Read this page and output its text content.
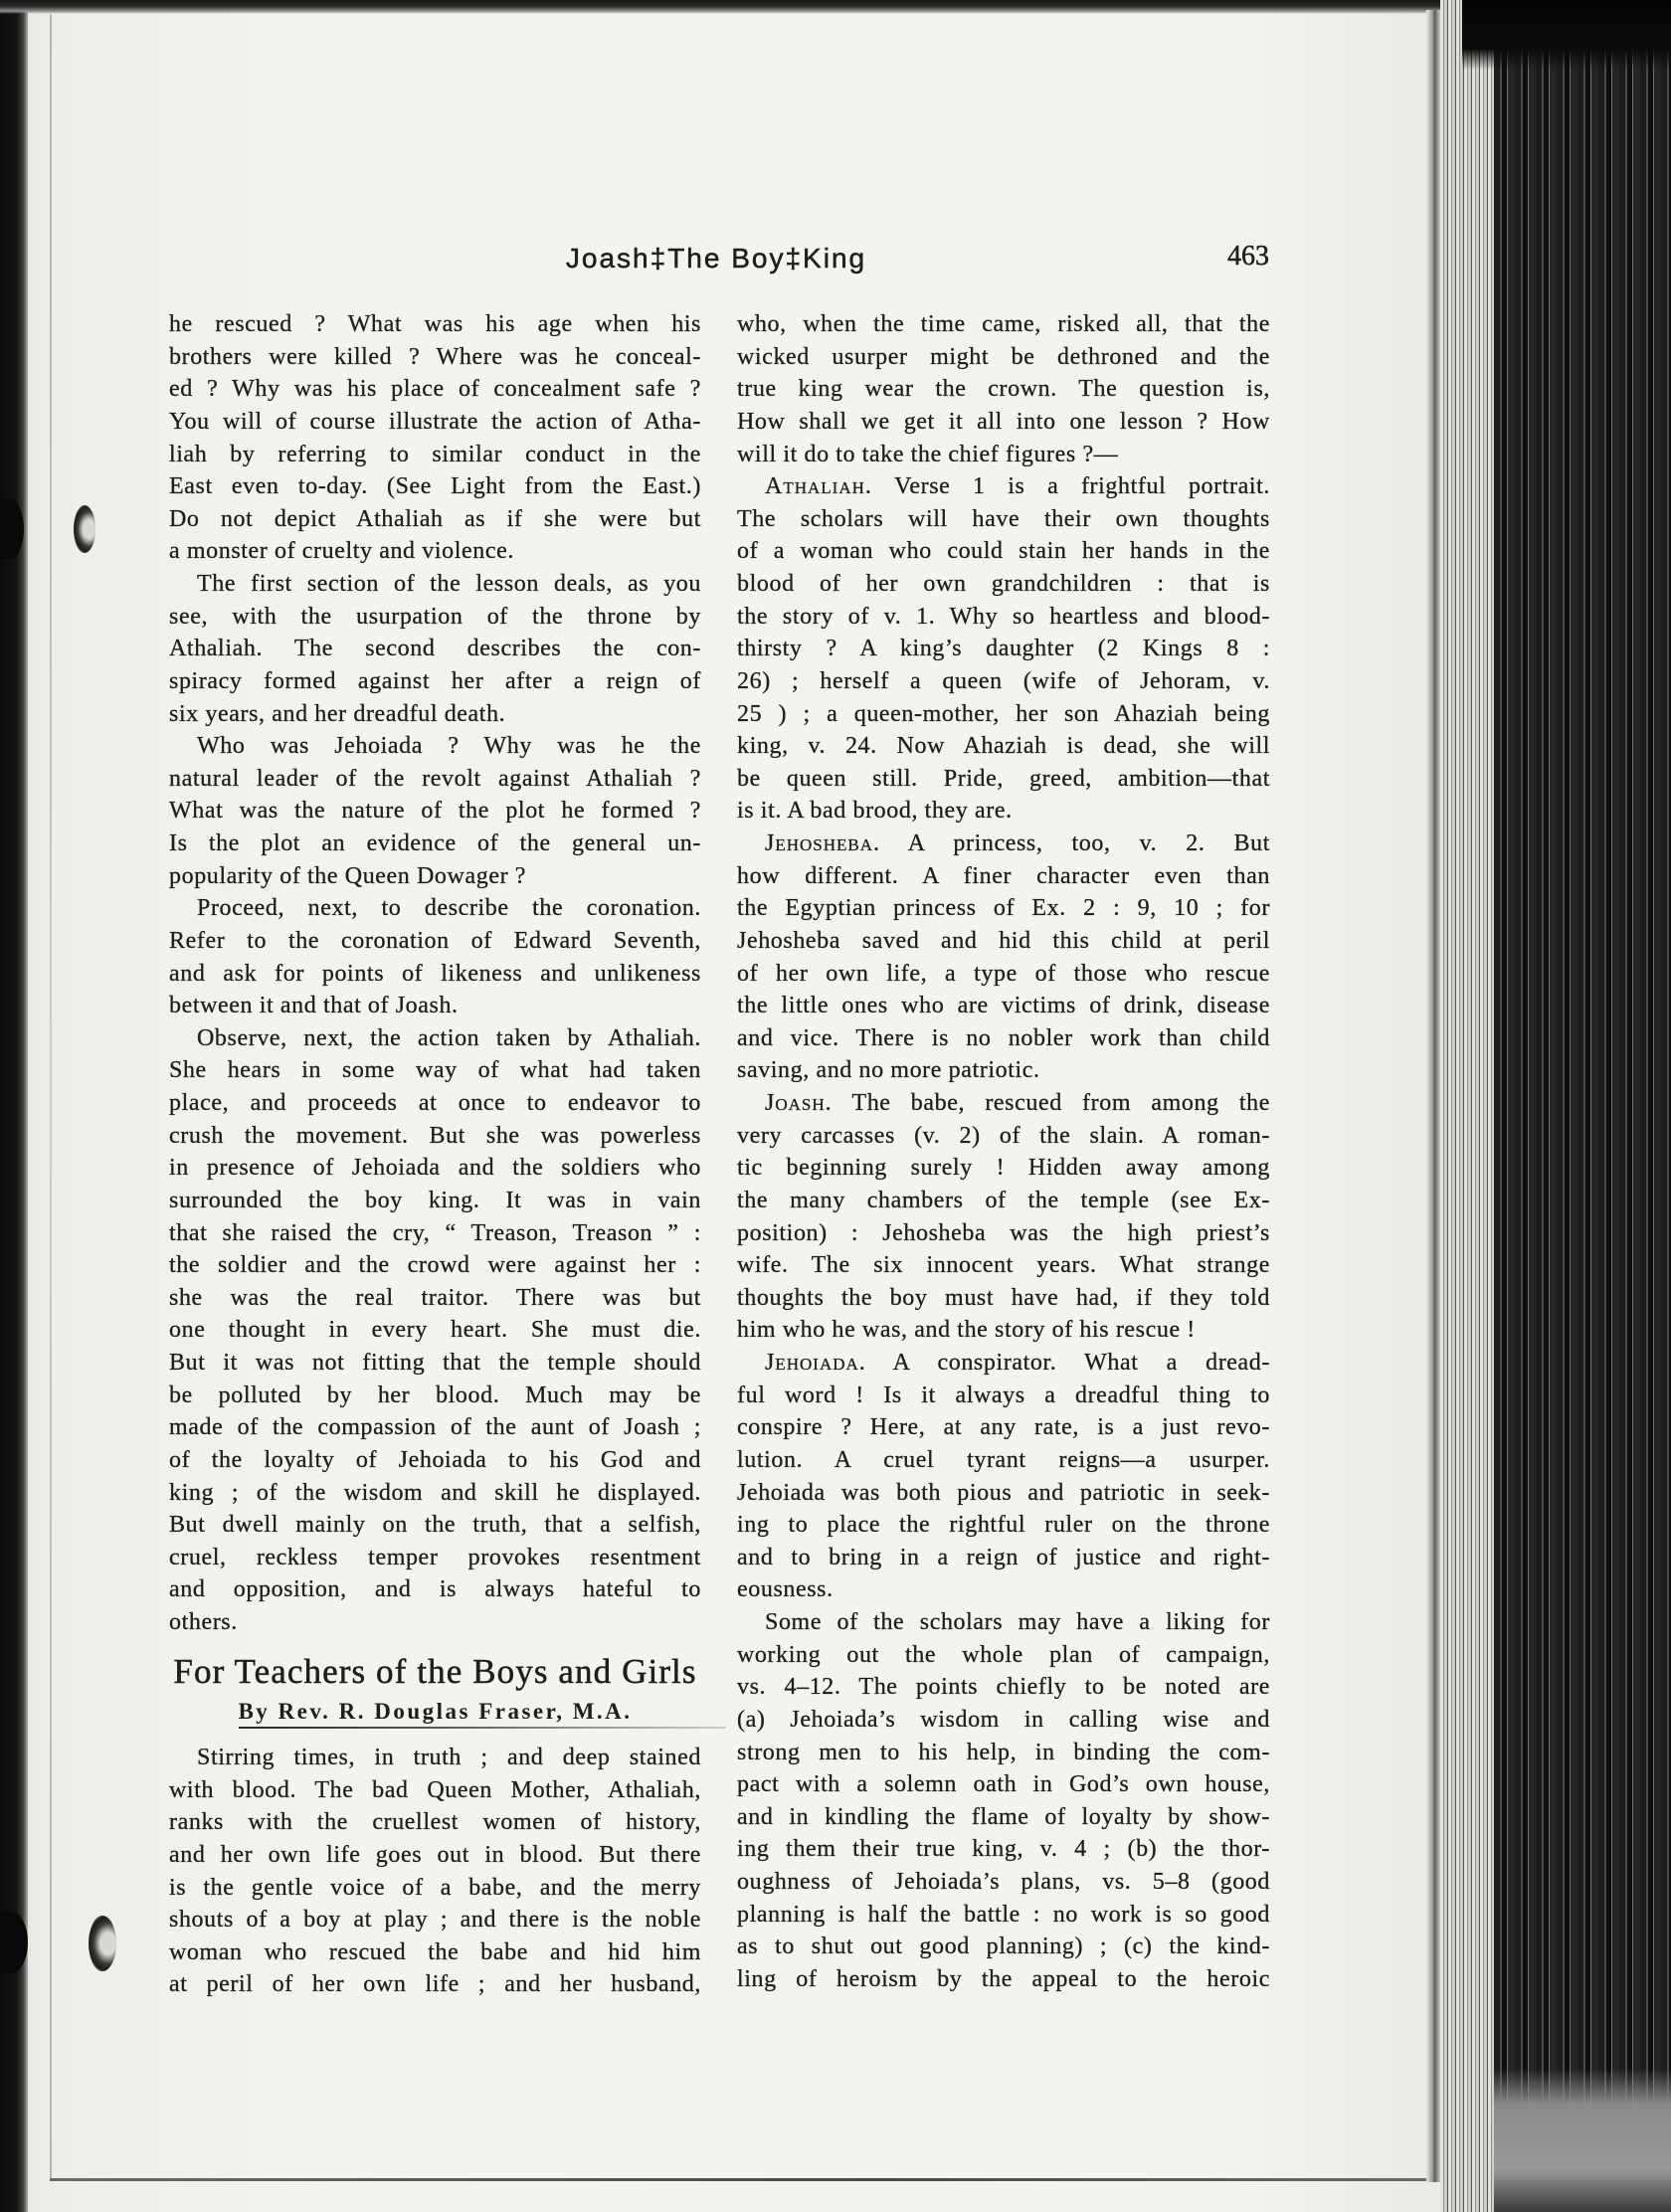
Joash‡The Boy‡King	463
he rescued ? What was his age when his
brothers were killed ? Where was he conceal-
ed ? Why was his place of concealment safe ?
You will of course illustrate the action of Atha-
liah by referring to similar conduct in the
East even to-day. (See Light from the East.)
Do not depict Athaliah as if she were but
a monster of cruelty and violence.
The first section of the lesson deals, as you
see, with the usurpation of the throne by
Athaliah. The second describes the con-
spiracy formed against her after a reign of
six years, and her dreadful death.
Who was Jehoiada ? Why was he the
natural leader of the revolt against Athaliah ?
What was the nature of the plot he formed ?
Is the plot an evidence of the general un-
popularity of the Queen Dowager ?
Proceed, next, to describe the coronation.
Refer to the coronation of Edward Seventh,
and ask for points of likeness and unlikeness
between it and that of Joash.
Observe, next, the action taken by Athaliah.
She hears in some way of what had taken
place, and proceeds at once to endeavor to
crush the movement. But she was powerless
in presence of Jehoiada and the soldiers who
surrounded the boy king. It was in vain
that she raised the cry, “ Treason, Treason ” :
the soldier and the crowd were against her :
she was the real traitor. There was but
one thought in every heart. She must die.
But it was not fitting that the temple should
be polluted by her blood. Much may be
made of the compassion of the aunt of Joash ;
of the loyalty of Jehoiada to his God and
king ; of the wisdom and skill he displayed.
But dwell mainly on the truth, that a selfish,
cruel, reckless temper provokes resentment
and opposition, and is always hateful to
others.
For Teachers of the Boys and Girls
By Rev. R. Douglas Fraser, M.A.
Stirring times, in truth ; and deep stained
with blood. The bad Queen Mother, Athaliah,
ranks with the cruellest women of history,
and her own life goes out in blood. But there
is the gentle voice of a babe, and the merry
shouts of a boy at play ; and there is the noble
woman who rescued the babe and hid him
at peril of her own life ; and her husband,
who, when the time came, risked all, that the
wicked usurper might be dethroned and the
true king wear the crown. The question is,
How shall we get it all into one lesson ? How
will it do to take the chief figures ?—
Athaliah. Verse 1 is a frightful portrait.
The scholars will have their own thoughts
of a woman who could stain her hands in the
blood of her own grandchildren : that is
the story of v. 1. Why so heartless and blood-
thirsty ? A king’s daughter (2 Kings 8 :
26) ; herself a queen (wife of Jehoram, v.
25 ) ; a queen-mother, her son Ahaziah being
king, v. 24. Now Ahaziah is dead, she will
be queen still. Pride, greed, ambition—that
is it. A bad brood, they are.
Jehosheba. A princess, too, v. 2. But
how different. A finer character even than
the Egyptian princess of Ex. 2 : 9, 10 ; for
Jehosheba saved and hid this child at peril
of her own life, a type of those who rescue
the little ones who are victims of drink, disease
and vice. There is no nobler work than child
saving, and no more patriotic.
Joash. The babe, rescued from among the
very carcasses (v. 2) of the slain. A roman-
tic beginning surely ! Hidden away among
the many chambers of the temple (see Ex-
position) : Jehosheba was the high priest’s
wife. The six innocent years. What strange
thoughts the boy must have had, if they told
him who he was, and the story of his rescue !
Jehoiada. A conspirator. What a dread-
ful word ! Is it always a dreadful thing to
conspire ? Here, at any rate, is a just revo-
lution. A cruel tyrant reigns—a usurper.
Jehoiada was both pious and patriotic in seek-
ing to place the rightful ruler on the throne
and to bring in a reign of justice and right-
eousness.
Some of the scholars may have a liking for
working out the whole plan of campaign,
vs. 4–12. The points chiefly to be noted are
(a) Jehoiada’s wisdom in calling wise and
strong men to his help, in binding the com-
pact with a solemn oath in God’s own house,
and in kindling the flame of loyalty by show-
ing them their true king, v. 4 ; (b) the thor-
oughness of Jehoiada’s plans, vs. 5–8 (good
planning is half the battle : no work is so good
as to shut out good planning) ; (c) the kind-
ling of heroism by the appeal to the heroic
